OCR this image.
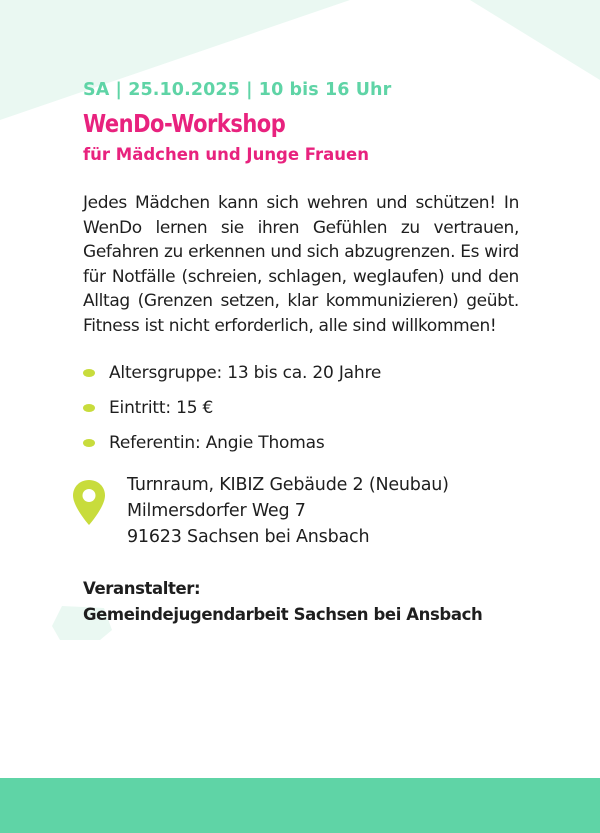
SA | 25.10.2025 | 10 bis 16 Uhr

WenDo-Workshop

für Mädchen und Junge Frauen

Jedes Mädchen kann sich wehren und schützen! In WenDo lernen sie ihren Gefühlen zu vertrauen, Gefahren zu erkennen und sich abzugrenzen. Es wird für Notfälle (schreien, schlagen, weglaufen) und den Alltag (Grenzen setzen, klar kommunizieren) geübt. Fitness ist nicht erforderlich, alle sind willkommen!

Altersgruppe: 13 bis ca. 20 Jahre
Eintritt: 15 €
Referentin: Angie Thomas
Turnraum, KIBIZ Gebäude 2 (Neubau)
Milmersdorfer Weg 7
91623 Sachsen bei Ansbach
Veranstalter:
Gemeindejugendarbeit Sachsen bei Ansbach
